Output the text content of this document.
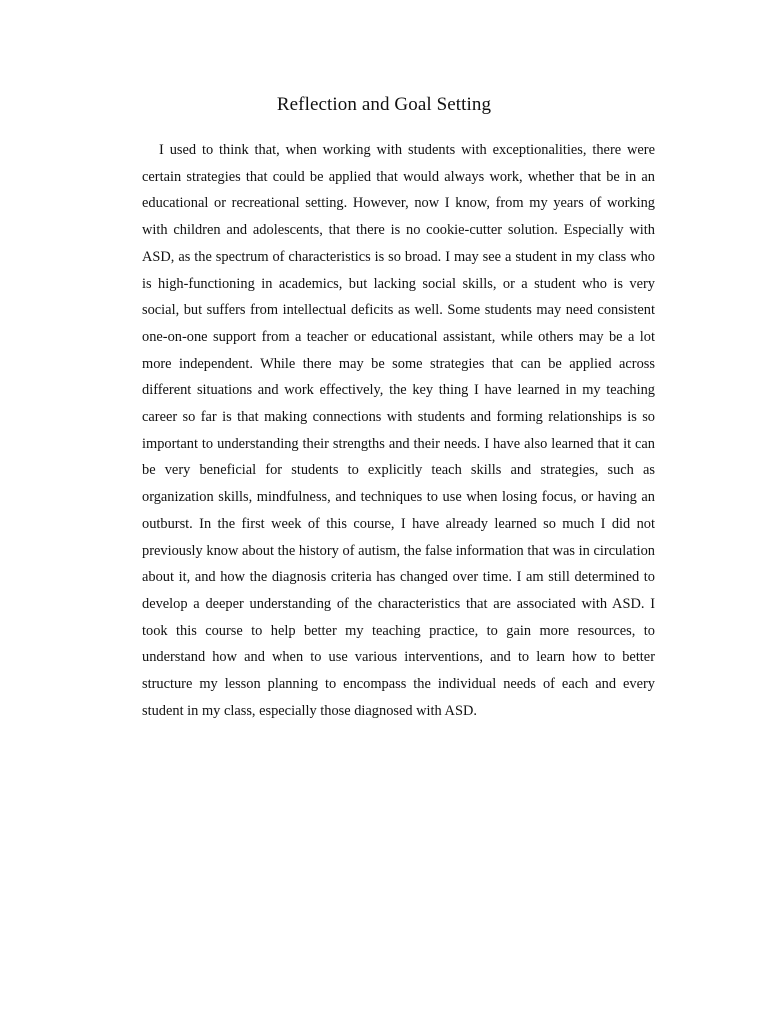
Reflection and Goal Setting

I used to think that, when working with students with exceptionalities, there were certain strategies that could be applied that would always work, whether that be in an educational or recreational setting. However, now I know, from my years of working with children and adolescents, that there is no cookie-cutter solution. Especially with ASD, as the spectrum of characteristics is so broad. I may see a student in my class who is high-functioning in academics, but lacking social skills, or a student who is very social, but suffers from intellectual deficits as well. Some students may need consistent one-on-one support from a teacher or educational assistant, while others may be a lot more independent. While there may be some strategies that can be applied across different situations and work effectively, the key thing I have learned in my teaching career so far is that making connections with students and forming relationships is so important to understanding their strengths and their needs. I have also learned that it can be very beneficial for students to explicitly teach skills and strategies, such as organization skills, mindfulness, and techniques to use when losing focus, or having an outburst. In the first week of this course, I have already learned so much I did not previously know about the history of autism, the false information that was in circulation about it, and how the diagnosis criteria has changed over time. I am still determined to develop a deeper understanding of the characteristics that are associated with ASD. I took this course to help better my teaching practice, to gain more resources, to understand how and when to use various interventions, and to learn how to better structure my lesson planning to encompass the individual needs of each and every student in my class, especially those diagnosed with ASD.
